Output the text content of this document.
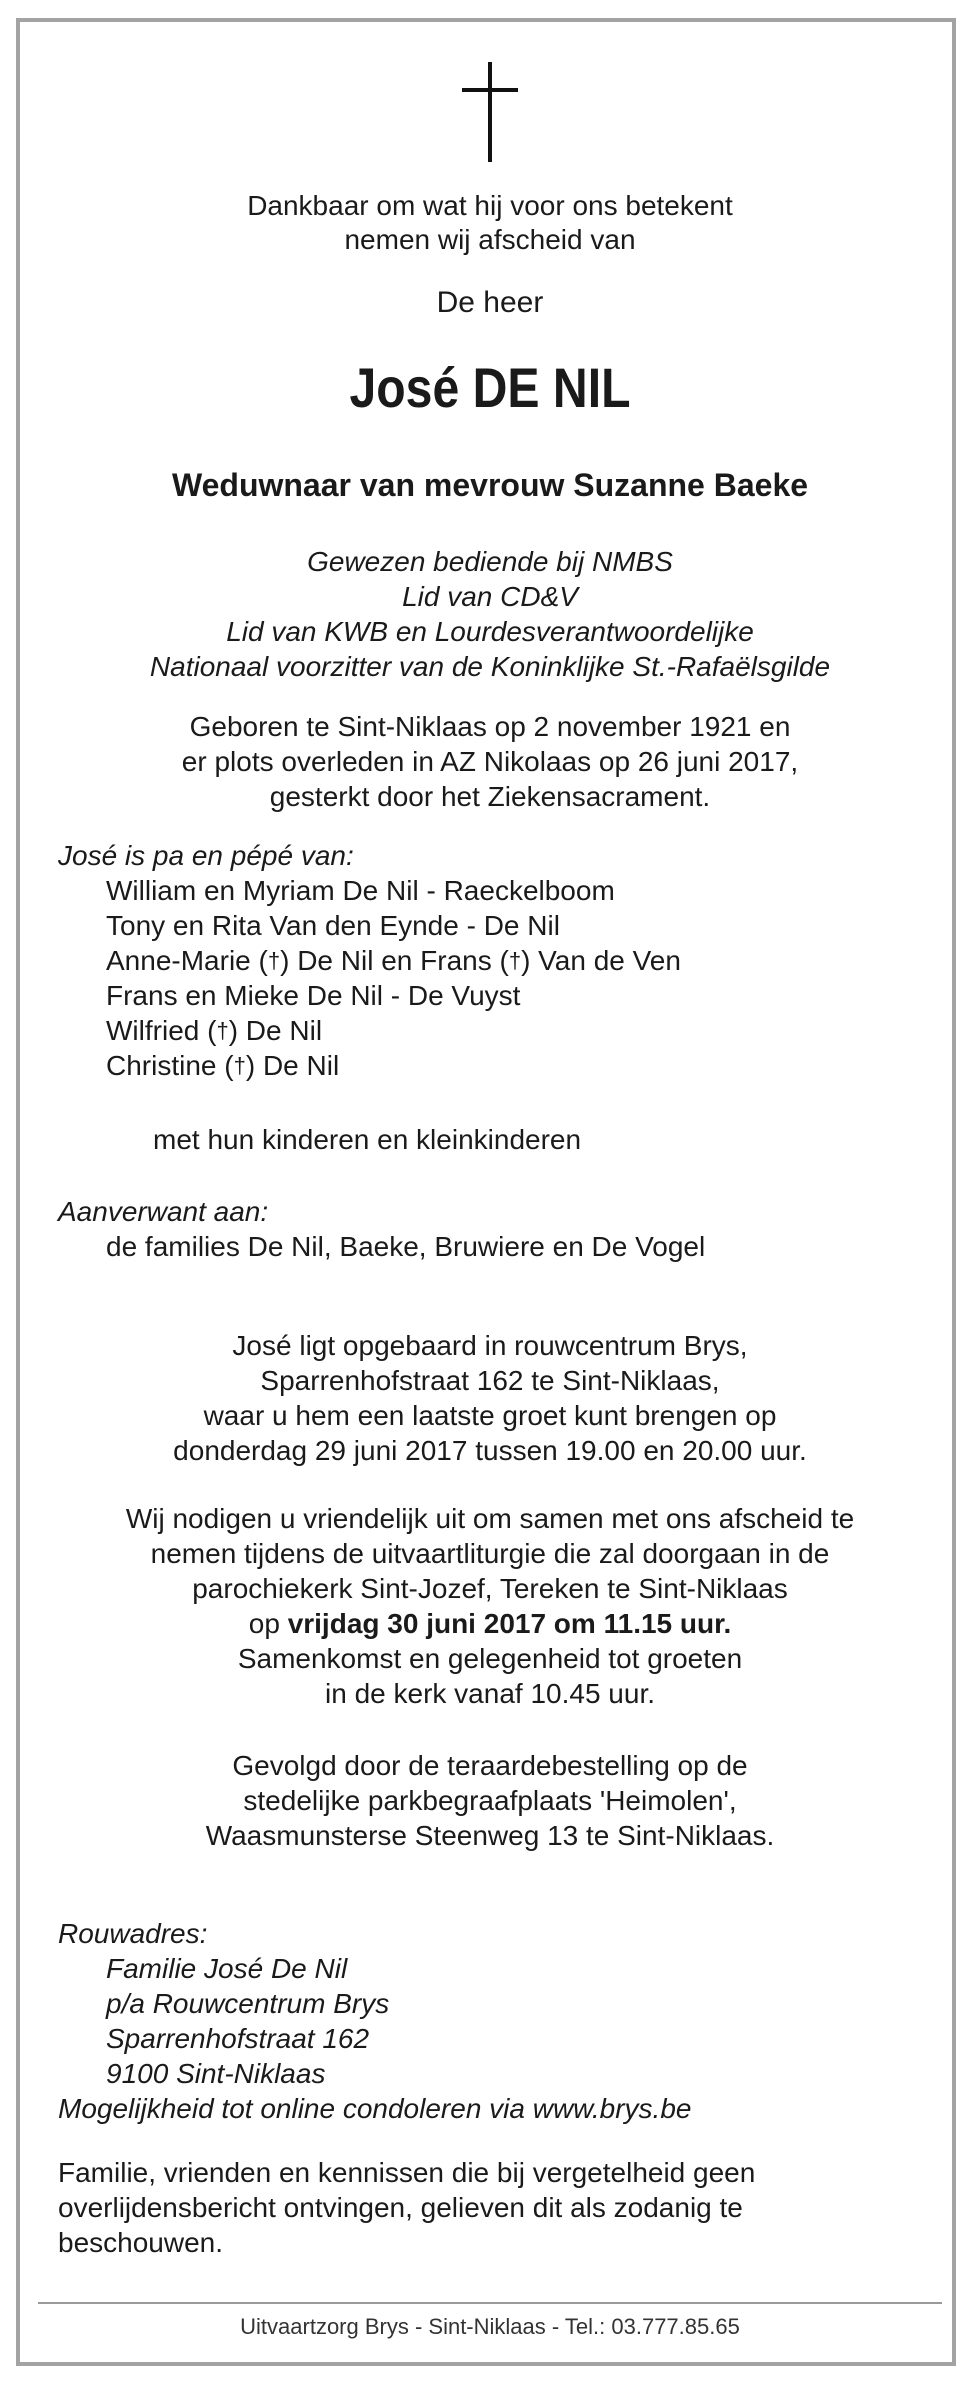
Dankbaar om wat hij voor ons betekent
nemen wij afscheid van
De heer
José DE NIL
Weduwnaar van mevrouw Suzanne Baeke
Gewezen bediende bij NMBS
Lid van CD&V
Lid van KWB en Lourdesverantwoordelijke
Nationaal voorzitter van de Koninklijke St.-Rafaëlsgilde
Geboren te Sint-Niklaas op 2 november 1921 en
er plots overleden in AZ Nikolaas op 26 juni 2017,
gesterkt door het Ziekensacrament.
José is pa en pépé van:
William en Myriam De Nil - Raeckelboom
Tony en Rita Van den Eynde - De Nil
Anne-Marie (†) De Nil en Frans (†) Van de Ven
Frans en Mieke De Nil - De Vuyst
Wilfried (†) De Nil
Christine (†) De Nil
met hun kinderen en kleinkinderen
Aanverwant aan:
de families De Nil, Baeke, Bruwiere en De Vogel
José ligt opgebaard in rouwcentrum Brys,
Sparrenhofstraat 162 te Sint-Niklaas,
waar u hem een laatste groet kunt brengen op
donderdag 29 juni 2017 tussen 19.00 en 20.00 uur.
Wij nodigen u vriendelijk uit om samen met ons afscheid te
nemen tijdens de uitvaartliturgie die zal doorgaan in de
parochiekerk Sint-Jozef, Tereken te Sint-Niklaas
op vrijdag 30 juni 2017 om 11.15 uur.
Samenkomst en gelegenheid tot groeten
in de kerk vanaf 10.45 uur.
Gevolgd door de teraardebestelling op de
stedelijke parkbegraafplaats 'Heimolen',
Waasmunsterse Steenweg 13 te Sint-Niklaas.
Rouwadres:
Familie José De Nil
p/a Rouwcentrum Brys
Sparrenhofstraat 162
9100 Sint-Niklaas
Mogelijkheid tot online condoleren via www.brys.be
Familie, vrienden en kennissen die bij vergetelheid geen
overlijdensbericht ontvingen, gelieven dit als zodanig te
beschouwen.
Uitvaartzorg Brys - Sint-Niklaas - Tel.: 03.777.85.65
